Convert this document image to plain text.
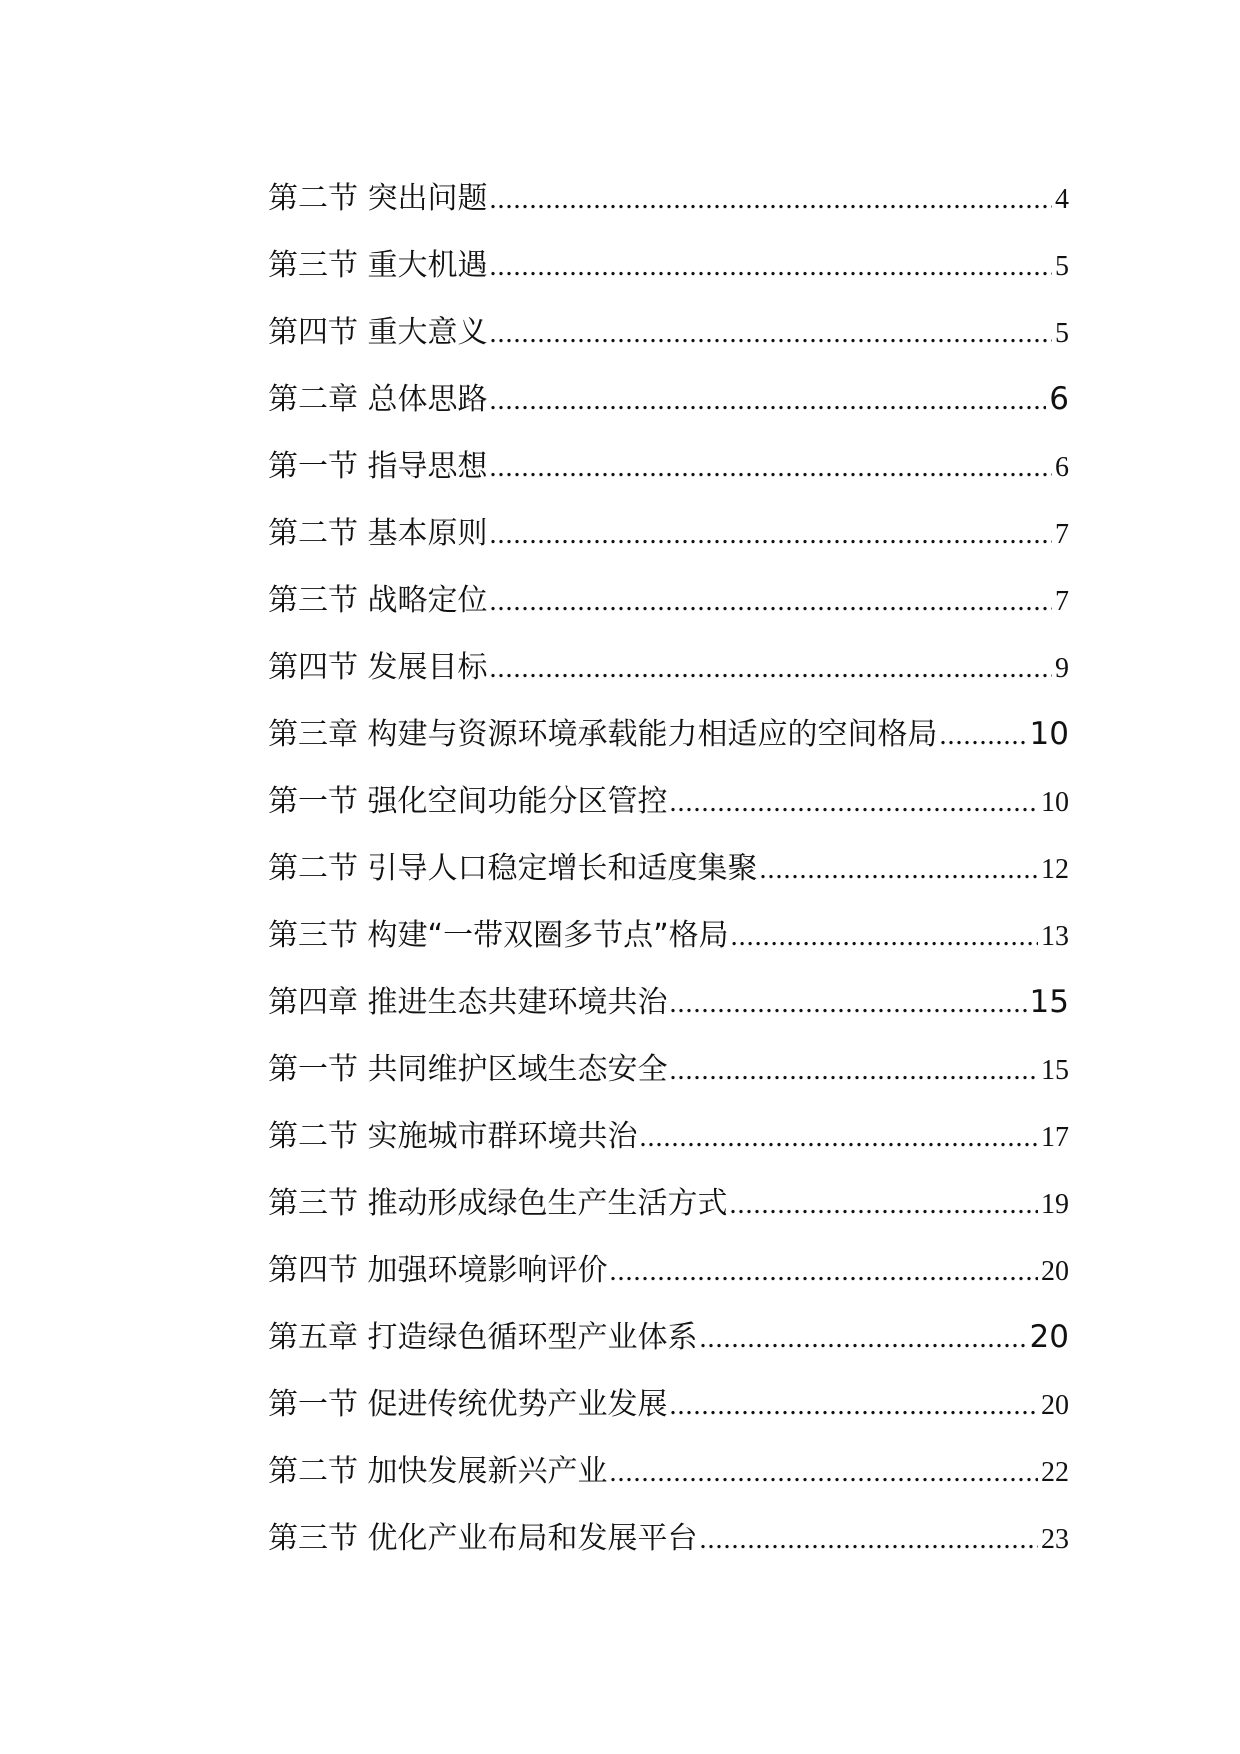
第二节 突出问题 .....	4
第三节 重大机遇 .....	5
第四节 重大意义 .....	5
第二章 总体思路 .....	6
第一节 指导思想 .....	6
第二节 基本原则 .....	7
第三节 战略定位 .....	7
第四节 发展目标 .....	9
第三章 构建与资源环境承载能力相适应的空间格局 .....	10
第一节 强化空间功能分区管控 .....	10
第二节 引导人口稳定增长和适度集聚 .....	12
第三节 构建“一带双圈多节点”格局 .....	13
第四章 推进生态共建环境共治 .....	15
第一节 共同维护区域生态安全 .....	15
第二节 实施城市群环境共治 .....	17
第三节 推动形成绿色生产生活方式 .....	19
第四节 加强环境影响评价 .....	20
第五章 打造绿色循环型产业体系 .....	20
第一节 促进传统优势产业发展 .....	20
第二节 加快发展新兴产业 .....	22
第三节 优化产业布局和发展平台 .....	23
